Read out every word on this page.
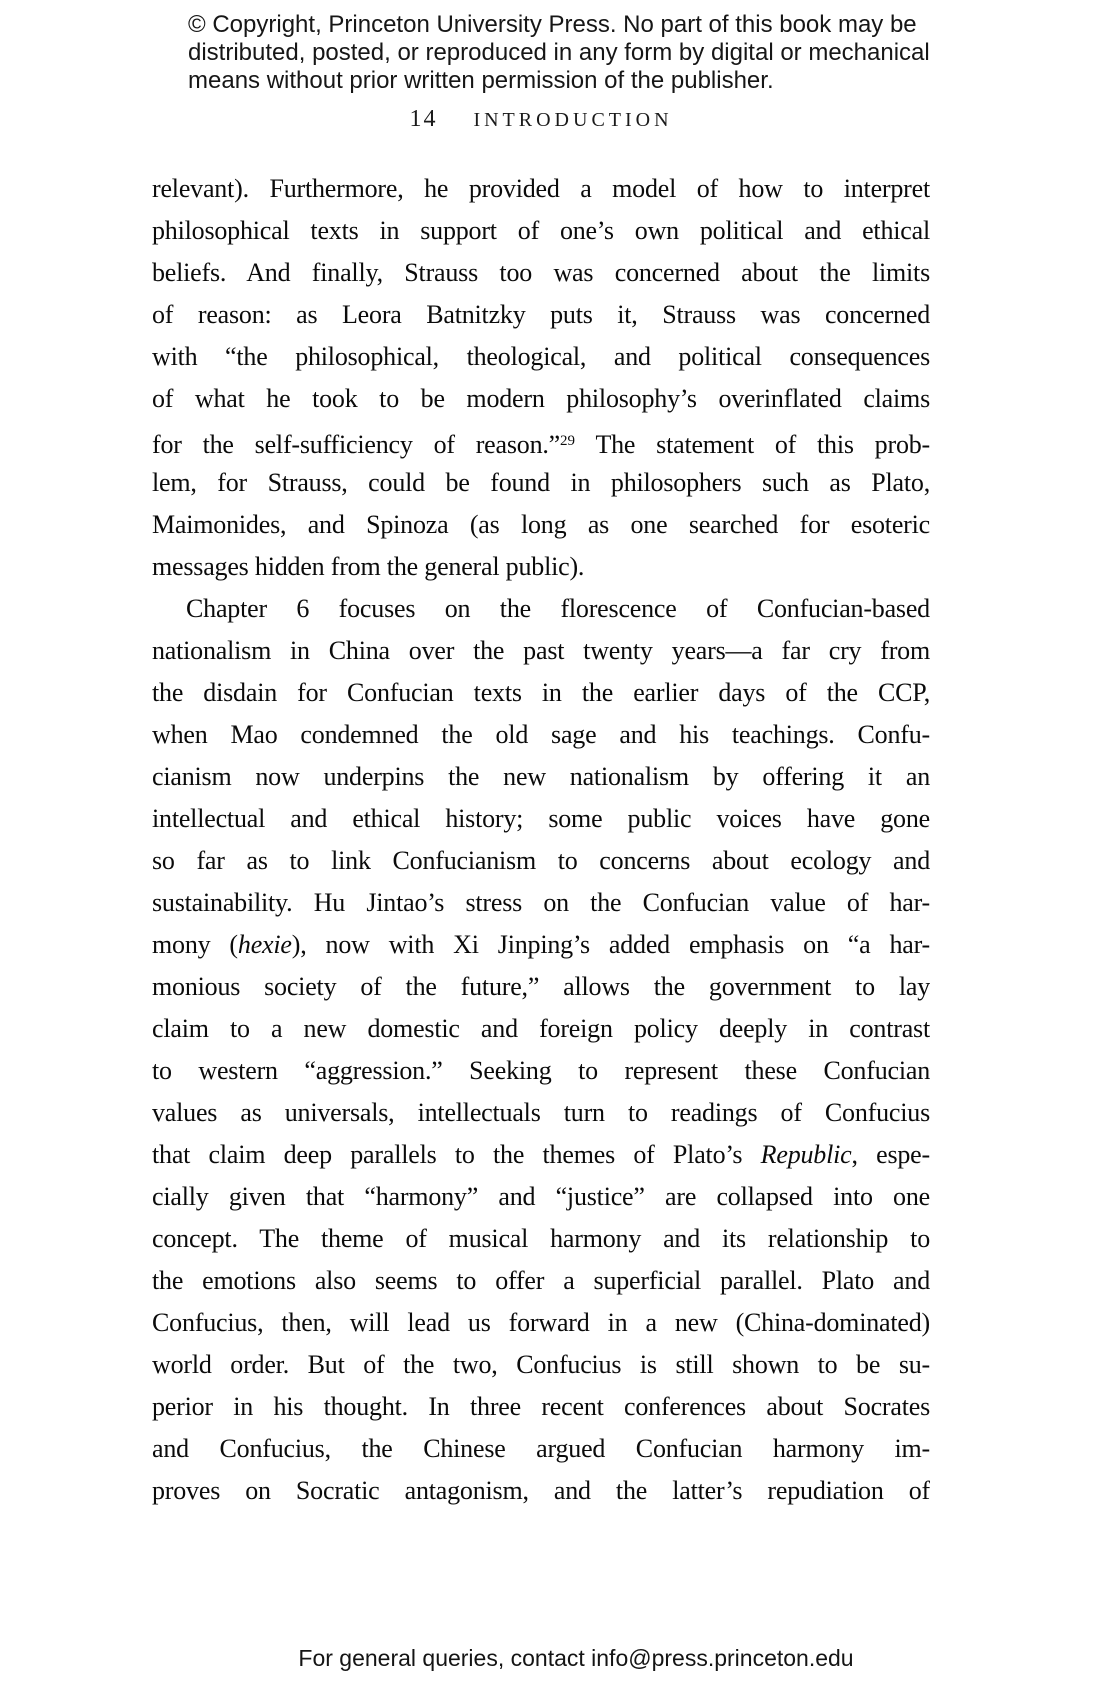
© Copyright, Princeton University Press. No part of this book may be
distributed, posted, or reproduced in any form by digital or mechanical
means without prior written permission of the publisher.
14 INTRODUCTION
relevant). Furthermore, he provided a model of how to interpret
philosophical texts in support of one’s own political and ethical
beliefs. And finally, Strauss too was concerned about the limits
of reason: as Leora Batnitzky puts it, Strauss was concerned
with “the philosophical, theological, and political consequences
of what he took to be modern philosophy’s overinflated claims
for the self-sufficiency of reason.”$^{29}$ The statement of this prob-
lem, for Strauss, could be found in philosophers such as Plato,
Maimonides, and Spinoza (as long as one searched for esoteric
messages hidden from the general public).
Chapter 6 focuses on the florescence of Confucian-based
nationalism in China over the past twenty years—a far cry from
the disdain for Confucian texts in the earlier days of the CCP,
when Mao condemned the old sage and his teachings. Confu-
cianism now underpins the new nationalism by offering it an
intellectual and ethical history; some public voices have gone
so far as to link Confucianism to concerns about ecology and
sustainability. Hu Jintao’s stress on the Confucian value of har-
mony (hexie), now with Xi Jinping’s added emphasis on “a har-
monious society of the future,” allows the government to lay
claim to a new domestic and foreign policy deeply in contrast
to western “aggression.” Seeking to represent these Confucian
values as universals, intellectuals turn to readings of Confucius
that claim deep parallels to the themes of Plato’s Republic, espe-
cially given that “harmony” and “justice” are collapsed into one
concept. The theme of musical harmony and its relationship to
the emotions also seems to offer a superficial parallel. Plato and
Confucius, then, will lead us forward in a new (China-dominated)
world order. But of the two, Confucius is still shown to be su-
perior in his thought. In three recent conferences about Socrates
and Confucius, the Chinese argued Confucian harmony im-
proves on Socratic antagonism, and the latter’s repudiation of
For general queries, contact info@press.princeton.edu
